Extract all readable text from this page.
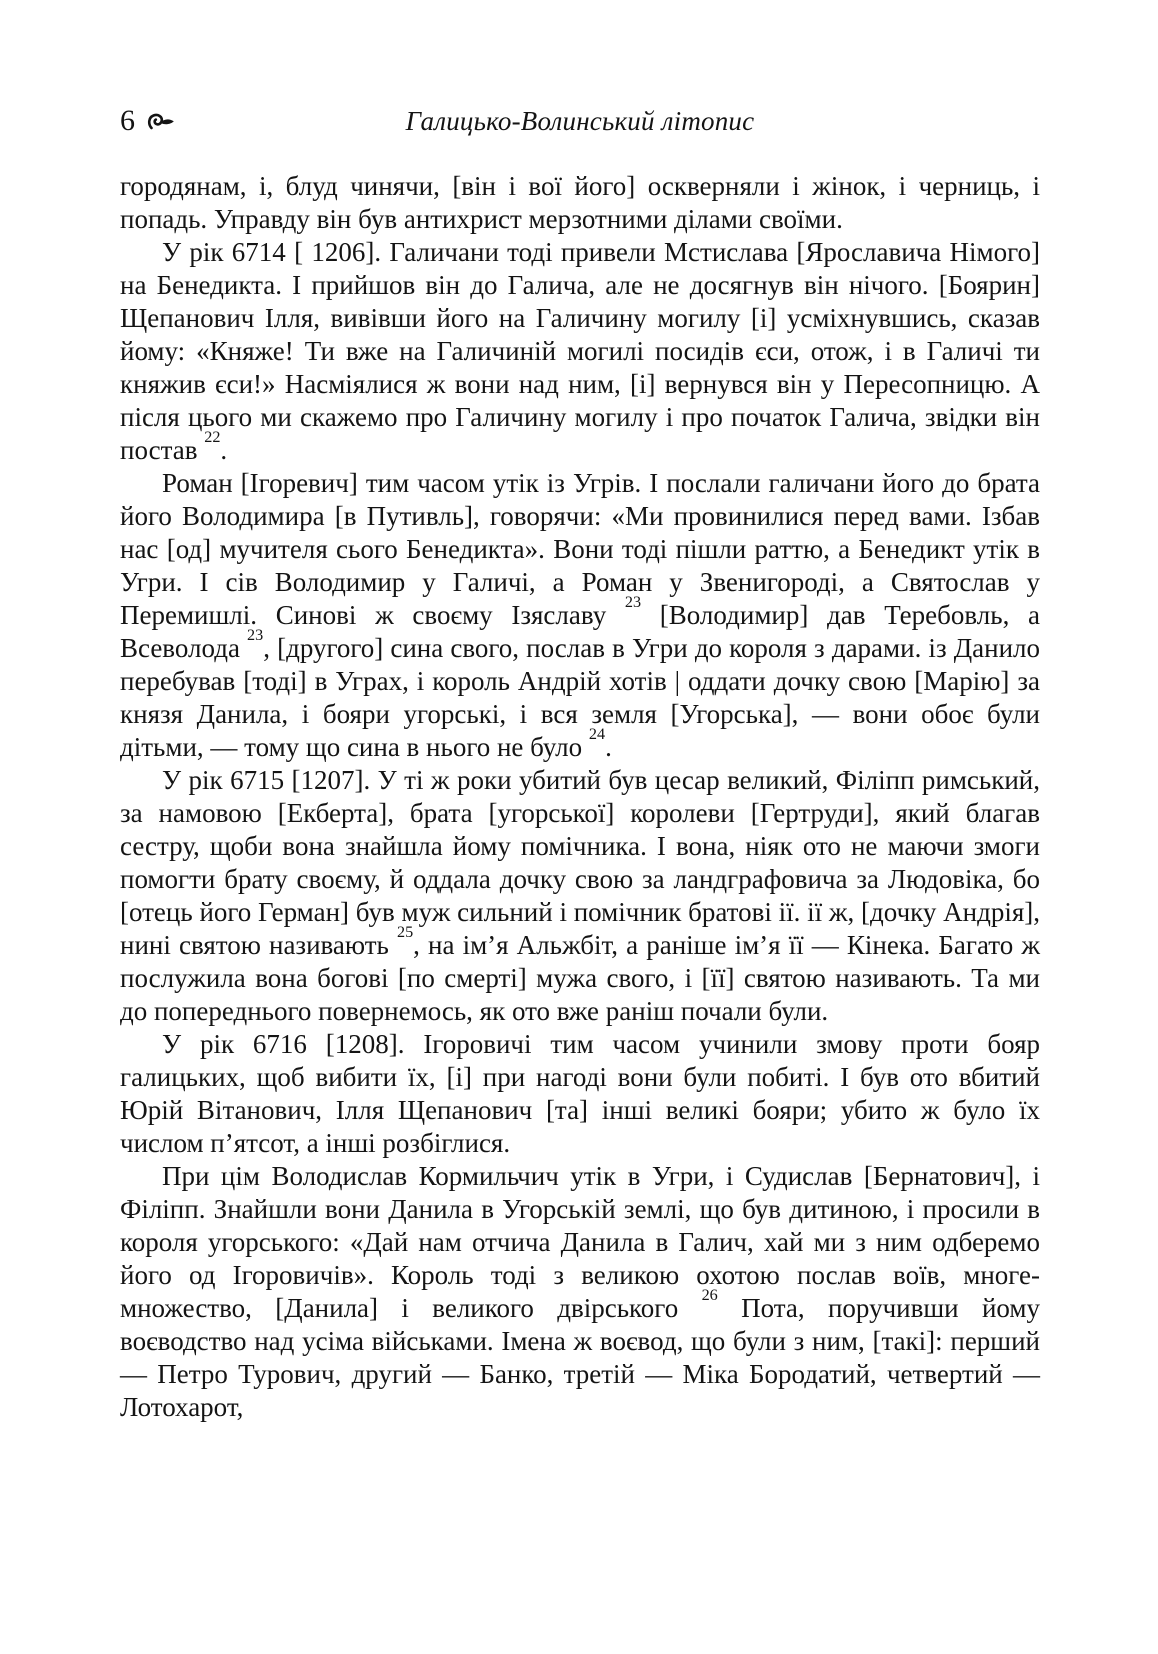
6	Галицько-Волинський літопис

городянам, і, блуд чинячи, [він і вої його] оскверняли і жінок, і черниць, і попадь. Управду він був антихрист мерзотними ділами своїми.

У рік 6714 [ 1206]. Галичани тоді привели Мстислава [Ярославича Німого] на Бенедикта. І прийшов він до Галича, але не досягнув він нічого. [Боярин] Щепанович Ілля, вивівши його на Галичину могилу [і] усміхнувшись, сказав йому: «Княже! Ти вже на Галичиній могилі посидів єси, отож, і в Галичі ти княжив єси!» Насміялися ж вони над ним, [і] вернувся він у Пересопницю. А після цього ми скажемо про Галичину могилу і про початок Галича, звідки він постав $^{22}$.

Роман [Ігоревич] тим часом утік із Угрів. І послали галичани його до брата його Володимира [в Путивль], говорячи: «Ми провинилися перед вами. Ізбав нас [од] мучителя сього Бенедикта». Вони тоді пішли раттю, а Бенедикт утік в Угри. І сів Володимир у Галичі, а Роман у Звенигороді, а Святослав у Перемишлі. Синові ж своєму Ізяславу $^{23}$ [Володимир] дав Теребовль, а Всеволода $^{23}$, [другого] сина свого, послав в Угри до короля з дарами. із Данило перебував [тоді] в Уграх, і король Андрій хотів | оддати дочку свою [Марію] за князя Данила, і бояри угорські, і вся земля [Угорська], — вони обоє були дітьми, — тому що сина в нього не було $^{24}$.

У рік 6715 [1207]. У ті ж роки убитий був цесар великий, Філіпп римський, за намовою [Екберта], брата [угорської] королеви [Гертруди], який благав сестру, щоби вона знайшла йому помічника. І вона, ніяк ото не маючи змоги помогти брату своєму, й оддала дочку свою за ландграфовича за Людовіка, бо [отець його Герман] був муж сильний і помічник братові ії. ії ж, [дочку Андрія], нині святою називають $^{25}$, на ім’я Альжбіт, а раніше ім’я її — Кінека. Багато ж послужила вона богові [по смерті] мужа свого, і [її] святою називають. Та ми до попереднього повернемось, як ото вже раніш почали були.

У рік 6716 [1208]. Ігоровичі тим часом учинили змову проти бояр галицьких, щоб вибити їх, [і] при нагоді вони були побиті. І був ото вбитий Юрій Вітанович, Ілля Щепанович [та] інші великі бояри; убито ж було їх числом п’ятсот, а інші розбіглися.

При цім Володислав Кормильчич утік в Угри, і Судислав [Бернатович], і Філіпп. Знайшли вони Данила в Угорській землі, що був дитиною, і просили в короля угорського: «Дай нам отчича Данила в Галич, хай ми з ним одберемо його од Ігоровичів». Король тоді з великою охотою послав воїв, многе-множество, [Данила] і великого двірського $^{26}$ Пота, поручивши йому воєводство над усіма військами. Імена ж воєвод, що були з ним, [такі]: перший — Петро Турович, другий — Банко, третій — Міка Бородатий, четвертий — Лотохарот,
